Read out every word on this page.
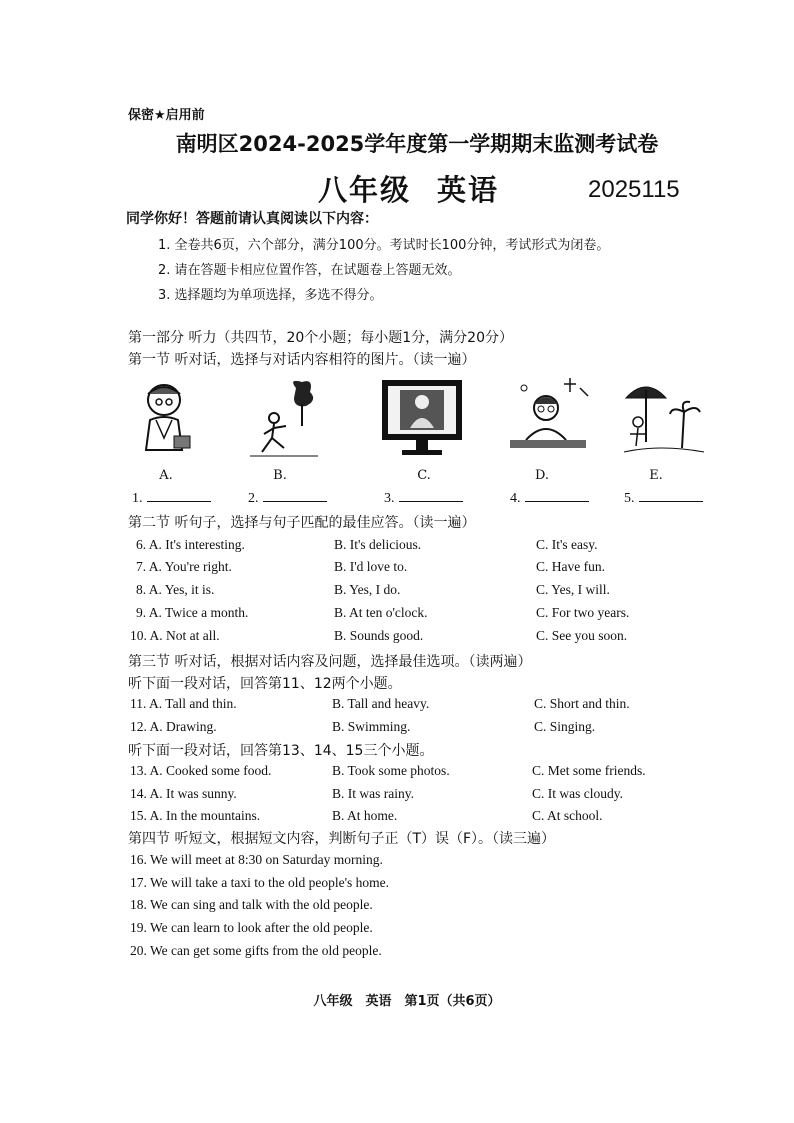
保密★启用前
南明区2024-2025学年度第一学期期末监测考试卷
八年级 英语	2025115
同学你好！答题前请认真阅读以下内容：
1. 全卷共6页，六个部分，满分100分。考试时长100分钟，考试形式为闭卷。
2. 请在答题卡相应位置作答，在试题卷上答题无效。
3. 选择题均为单项选择，多选不得分。
第一部分 听力（共四节，20个小题；每小题1分，满分20分）
第一节 听对话，选择与对话内容相符的图片。（读一遍）
A.	B.	C.	D.	E.
1.	2.	3.	4.	5.
第二节 听句子，选择与句子匹配的最佳应答。（读一遍）
6. A. It's interesting.	B. It's delicious.	C. It's easy.
7. A. You're right.	B. I'd love to.	C. Have fun.
8. A. Yes, it is.	B. Yes, I do.	C. Yes, I will.
9. A. Twice a month.	B. At ten o'clock.	C. For two years.
10. A. Not at all.	B. Sounds good.	C. See you soon.
第三节 听对话，根据对话内容及问题，选择最佳选项。（读两遍）
听下面一段对话，回答第11、12两个小题。
11. A. Tall and thin.	B. Tall and heavy.	C. Short and thin.
12. A. Drawing.	B. Swimming.	C. Singing.
听下面一段对话，回答第13、14、15三个小题。
13. A. Cooked some food.	B. Took some photos.	C. Met some friends.
14. A. It was sunny.	B. It was rainy.	C. It was cloudy.
15. A. In the mountains.	B. At home.	C. At school.
第四节 听短文，根据短文内容，判断句子正（T）误（F）。（读三遍）
16. We will meet at 8:30 on Saturday morning.
17. We will take a taxi to the old people's home.
18. We can sing and talk with the old people.
19. We can learn to look after the old people.
20. We can get some gifts from the old people.
八年级　英语　第1页（共6页）
